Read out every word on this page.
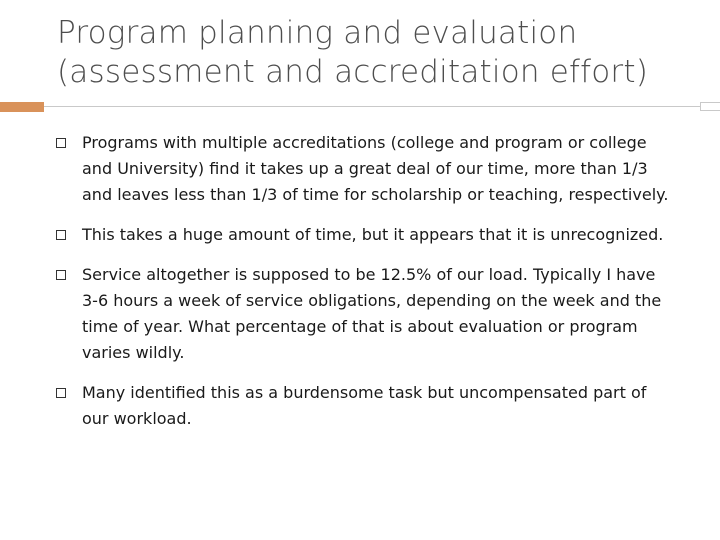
Program planning and evaluation
(assessment and accreditation effort)
Programs with multiple accreditations (college and program or college and University) find it takes up a great deal of our time, more than 1/3 and leaves less than 1/3 of time for scholarship or teaching, respectively.
This takes a huge amount of time, but it appears that it is unrecognized.
Service altogether is supposed to be 12.5% of our load. Typically I have 3-6 hours a week of service obligations, depending on the week and the time of year. What percentage of that is about evaluation or program varies wildly.
Many identified this as a burdensome task but uncompensated part of our workload.
